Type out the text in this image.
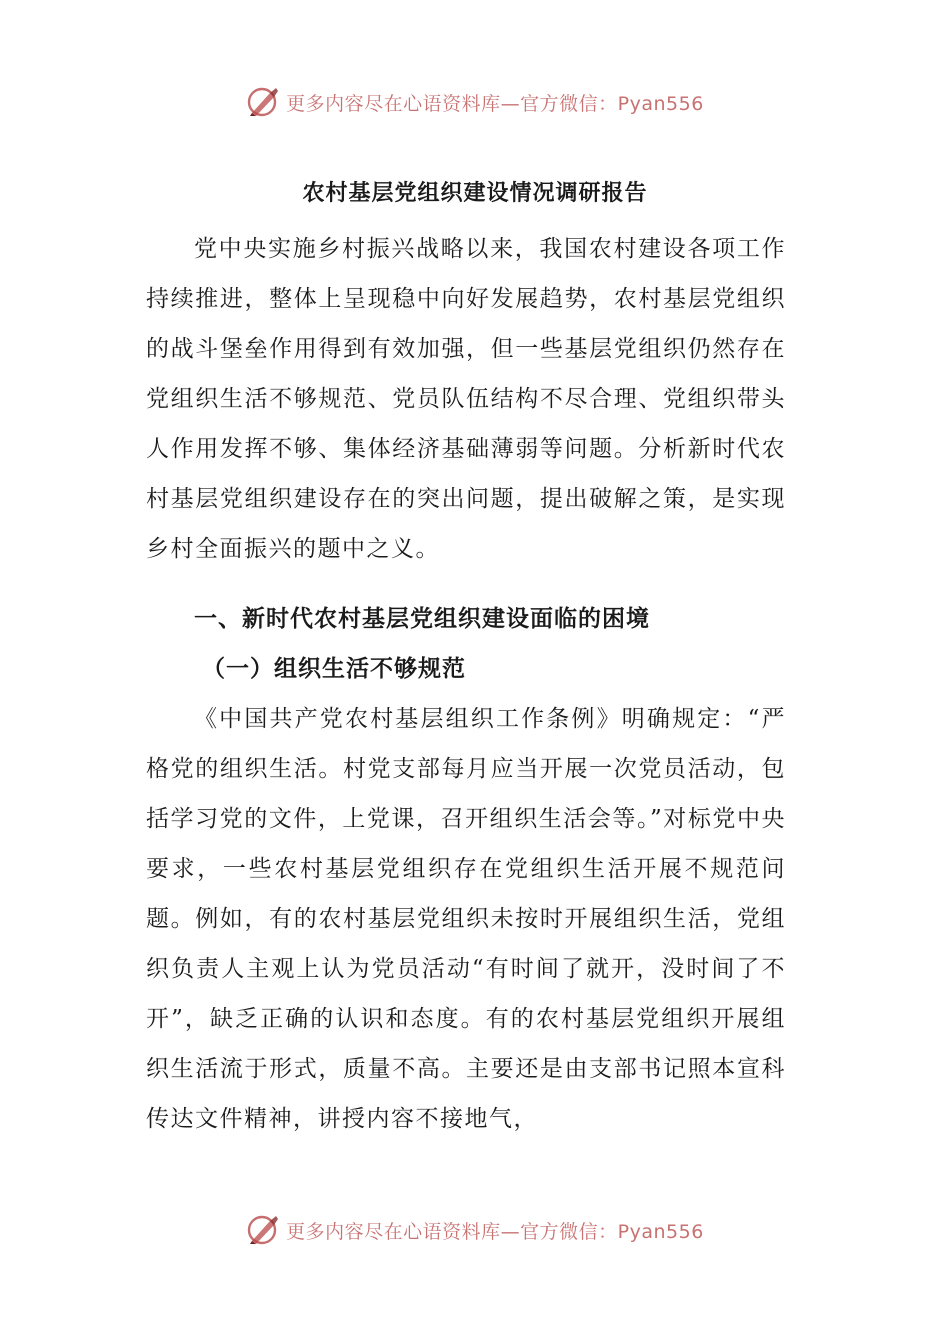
更多内容尽在心语资料库—官方微信：Pyan556
农村基层党组织建设情况调研报告

党中央实施乡村振兴战略以来，我国农村建设各项工作持续推进，整体上呈现稳中向好发展趋势，农村基层党组织的战斗堡垒作用得到有效加强，但一些基层党组织仍然存在党组织生活不够规范、党员队伍结构不尽合理、党组织带头人作用发挥不够、集体经济基础薄弱等问题。分析新时代农村基层党组织建设存在的突出问题，提出破解之策，是实现乡村全面振兴的题中之义。

一、新时代农村基层党组织建设面临的困境
（一）组织生活不够规范

《中国共产党农村基层组织工作条例》明确规定：“严格党的组织生活。村党支部每月应当开展一次党员活动，包括学习党的文件，上党课，召开组织生活会等。”对标党中央要求，一些农村基层党组织存在党组织生活开展不规范问题。例如，有的农村基层党组织未按时开展组织生活，党组织负责人主观上认为党员活动“有时间了就开，没时间了不开”，缺乏正确的认识和态度。有的农村基层党组织开展组织生活流于形式，质量不高。主要还是由支部书记照本宣科传达文件精神，讲授内容不接地气，

更多内容尽在心语资料库—官方微信：Pyan556
